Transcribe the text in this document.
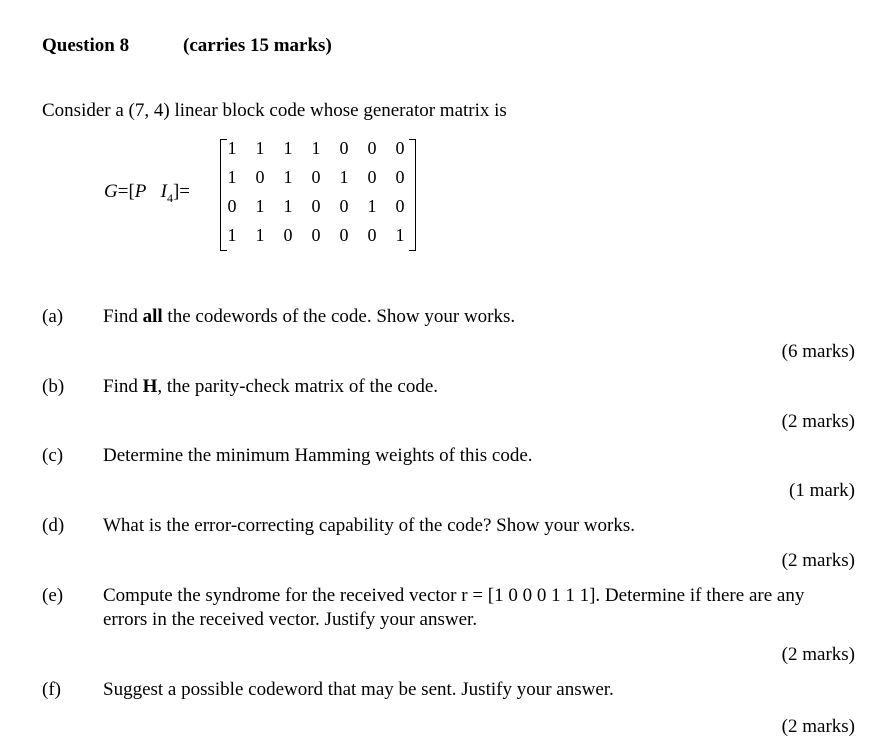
Question 8	(carries 15 marks)
Consider a (7, 4) linear block code whose generator matrix is
G=[P $I_4]=$
1 1 1 1 0 0 0
1 0 1 0 1 0 0
0 1 1 0 0 1 0
1 1 0 0 0 0 1
(a) Find all the codewords of the code. Show your works.
(6 marks)
(b) Find H, the parity-check matrix of the code.
(2 marks)
(c) Determine the minimum Hamming weights of this code.
(1 mark)
(d) What is the error-correcting capability of the code? Show your works.
(2 marks)
(e) Compute the syndrome for the received vector r = [1 0 0 0 1 1 1]. Determine if there are any
errors in the received vector. Justify your answer.
(2 marks)
(f) Suggest a possible codeword that may be sent. Justify your answer.
(2 marks)
